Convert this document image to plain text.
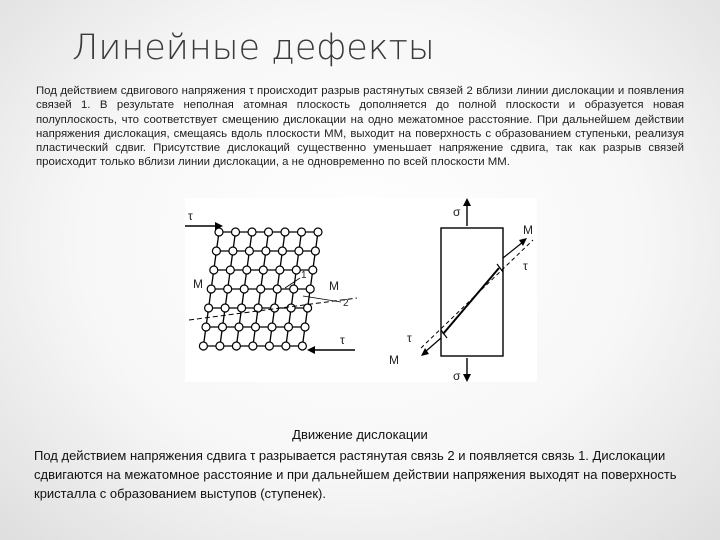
Линейные дефекты
Под действием сдвигового напряжения τ происходит разрыв растянутых связей 2 вблизи линии дислокации и появления связей 1. В результате неполная атомная плоскость дополняется до полной плоскости и образуется новая полуплоскость, что соответствует смещению дислокации на одно межатомное расстояние. При дальнейшем действии напряжения дислокация, смещаясь вдоль плоскости ММ, выходит на поверхность с образованием ступеньки, реализуя пластический сдвиг. Присутствие дислокаций существенно уменьшает напряжение сдвига, так как разрыв связей происходит только вблизи линии дислокации, а не одновременно по всей плоскости ММ.
τ
τ
M	M
1
2
σ
σ
τ
M
τ
M
Движение дислокации
Под действием напряжения сдвига τ разрывается растянутая связь 2 и появляется связь 1. Дислокации сдвигаются на межатомное расстояние и при дальнейшем действии напряжения выходят на поверхность кристалла с образованием выступов (ступенек).
